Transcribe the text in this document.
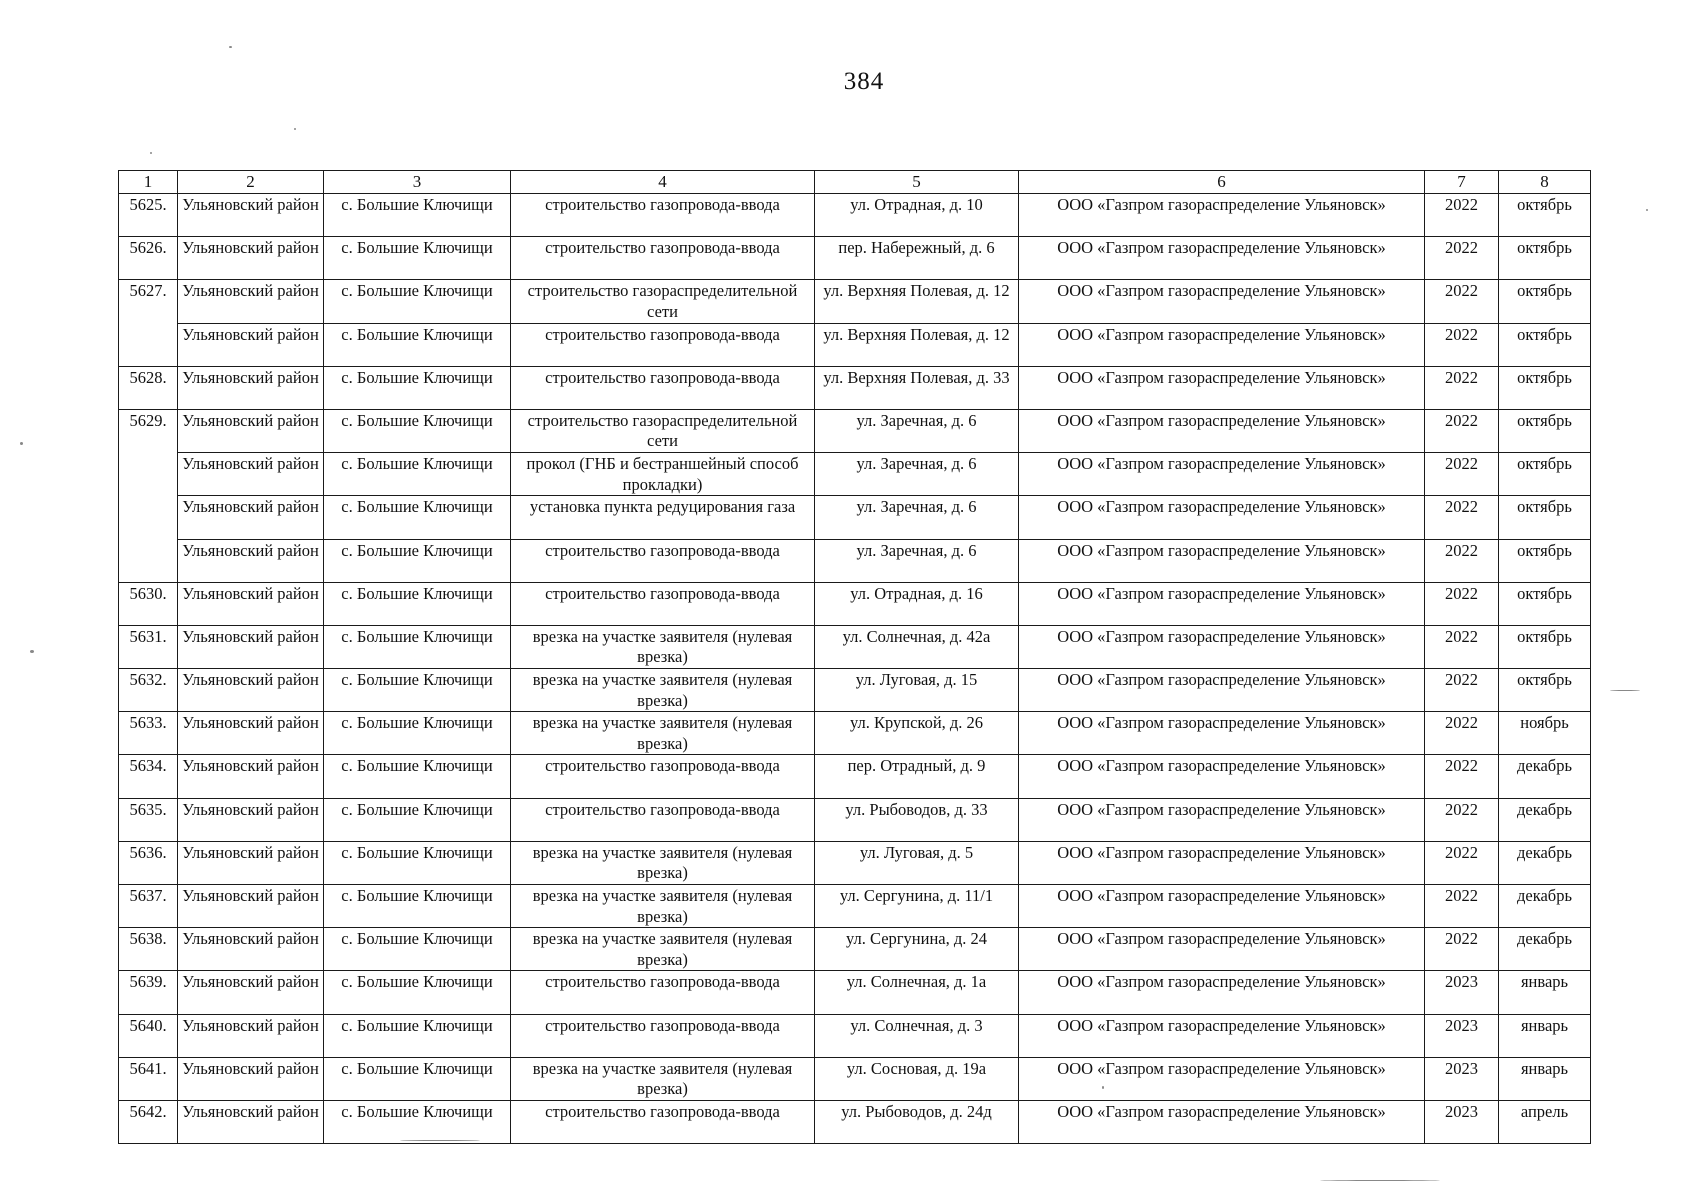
384
1	2	3	4	5	6	7	8
5625.	Ульяновский район	с. Большие Ключищи	строительство газопровода-ввода	ул. Отрадная, д. 10	ООО «Газпром газораспределение Ульяновск»	2022	октябрь
5626.	Ульяновский район	с. Большие Ключищи	строительство газопровода-ввода	пер. Набережный, д. 6	ООО «Газпром газораспределение Ульяновск»	2022	октябрь
5627.	Ульяновский район	с. Большие Ключищи	строительство газораспределительной сети	ул. Верхняя Полевая, д. 12	ООО «Газпром газораспределение Ульяновск»	2022	октябрь
	Ульяновский район	с. Большие Ключищи	строительство газопровода-ввода	ул. Верхняя Полевая, д. 12	ООО «Газпром газораспределение Ульяновск»	2022	октябрь
5628.	Ульяновский район	с. Большие Ключищи	строительство газопровода-ввода	ул. Верхняя Полевая, д. 33	ООО «Газпром газораспределение Ульяновск»	2022	октябрь
5629.	Ульяновский район	с. Большие Ключищи	строительство газораспределительной сети	ул. Заречная, д. 6	ООО «Газпром газораспределение Ульяновск»	2022	октябрь
	Ульяновский район	с. Большие Ключищи	прокол (ГНБ и бестраншейный способ прокладки)	ул. Заречная, д. 6	ООО «Газпром газораспределение Ульяновск»	2022	октябрь
	Ульяновский район	с. Большие Ключищи	установка пункта редуцирования газа	ул. Заречная, д. 6	ООО «Газпром газораспределение Ульяновск»	2022	октябрь
	Ульяновский район	с. Большие Ключищи	строительство газопровода-ввода	ул. Заречная, д. 6	ООО «Газпром газораспределение Ульяновск»	2022	октябрь
5630.	Ульяновский район	с. Большие Ключищи	строительство газопровода-ввода	ул. Отрадная, д. 16	ООО «Газпром газораспределение Ульяновск»	2022	октябрь
5631.	Ульяновский район	с. Большие Ключищи	врезка на участке заявителя (нулевая врезка)	ул. Солнечная, д. 42а	ООО «Газпром газораспределение Ульяновск»	2022	октябрь
5632.	Ульяновский район	с. Большие Ключищи	врезка на участке заявителя (нулевая врезка)	ул. Луговая, д. 15	ООО «Газпром газораспределение Ульяновск»	2022	октябрь
5633.	Ульяновский район	с. Большие Ключищи	врезка на участке заявителя (нулевая врезка)	ул. Крупской, д. 26	ООО «Газпром газораспределение Ульяновск»	2022	ноябрь
5634.	Ульяновский район	с. Большие Ключищи	строительство газопровода-ввода	пер. Отрадный, д. 9	ООО «Газпром газораспределение Ульяновск»	2022	декабрь
5635.	Ульяновский район	с. Большие Ключищи	строительство газопровода-ввода	ул. Рыбоводов, д. 33	ООО «Газпром газораспределение Ульяновск»	2022	декабрь
5636.	Ульяновский район	с. Большие Ключищи	врезка на участке заявителя (нулевая врезка)	ул. Луговая, д. 5	ООО «Газпром газораспределение Ульяновск»	2022	декабрь
5637.	Ульяновский район	с. Большие Ключищи	врезка на участке заявителя (нулевая врезка)	ул. Сергунина, д. 11/1	ООО «Газпром газораспределение Ульяновск»	2022	декабрь
5638.	Ульяновский район	с. Большие Ключищи	врезка на участке заявителя (нулевая врезка)	ул. Сергунина, д. 24	ООО «Газпром газораспределение Ульяновск»	2022	декабрь
5639.	Ульяновский район	с. Большие Ключищи	строительство газопровода-ввода	ул. Солнечная, д. 1а	ООО «Газпром газораспределение Ульяновск»	2023	январь
5640.	Ульяновский район	с. Большие Ключищи	строительство газопровода-ввода	ул. Солнечная, д. 3	ООО «Газпром газораспределение Ульяновск»	2023	январь
5641.	Ульяновский район	с. Большие Ключищи	врезка на участке заявителя (нулевая врезка)	ул. Сосновая, д. 19а	ООО «Газпром газораспределение Ульяновск»	2023	январь
5642.	Ульяновский район	с. Большие Ключищи	строительство газопровода-ввода	ул. Рыбоводов, д. 24д	ООО «Газпром газораспределение Ульяновск»	2023	апрель
